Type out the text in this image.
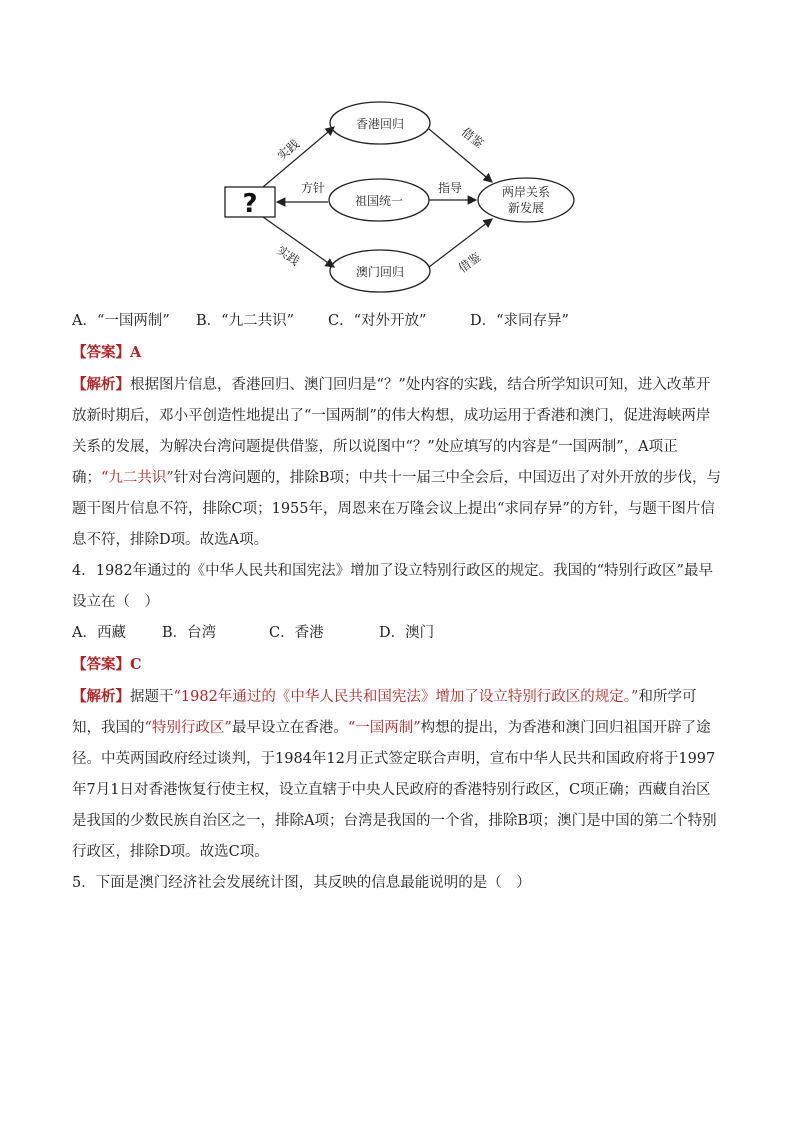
?
香港回归
祖国统一
澳门回归
两岸关系
新发展
实践
实践
方针	指导
借鉴
借鉴
A．“一国两制” B．“九二共识” C．“对外开放”	D．“求同存异”
【答案】A

【解析】根据图片信息，香港回归、澳门回归是“？”处内容的实践，结合所学知识可知，进入改革开放新时期后，邓小平创造性地提出了“一国两制”的伟大构想，成功运用于香港和澳门，促进海峡两岸关系的发展，为解决台湾问题提供借鉴，所以说图中“？”处应填写的内容是“一国两制”，A项正确；“九二共识”针对台湾问题的，排除B项；中共十一届三中全会后，中国迈出了对外开放的步伐，与题干图片信息不符，排除C项；1955年，周恩来在万隆会议上提出“求同存异”的方针，与题干图片信息不符，排除D项。故选A项。

4．1982年通过的《中华人民共和国宪法》增加了设立特别行政区的规定。我国的“特别行政区”最早设立在（　）

A．西藏 B．台湾	C．香港	D．澳门
【答案】C

【解析】据题干“1982年通过的《中华人民共和国宪法》增加了设立特别行政区的规定。”和所学可知，我国的“特别行政区”最早设立在香港。“一国两制”构想的提出，为香港和澳门回归祖国开辟了途径。中英两国政府经过谈判，于1984年12月正式签定联合声明，宣布中华人民共和国政府将于1997年7月1日对香港恢复行使主权，设立直辖于中央人民政府的香港特别行政区，C项正确；西藏自治区是我国的少数民族自治区之一，排除A项；台湾是我国的一个省，排除B项；澳门是中国的第二个特别行政区，排除D项。故选C项。

5．下面是澳门经济社会发展统计图，其反映的信息最能说明的是（　）
